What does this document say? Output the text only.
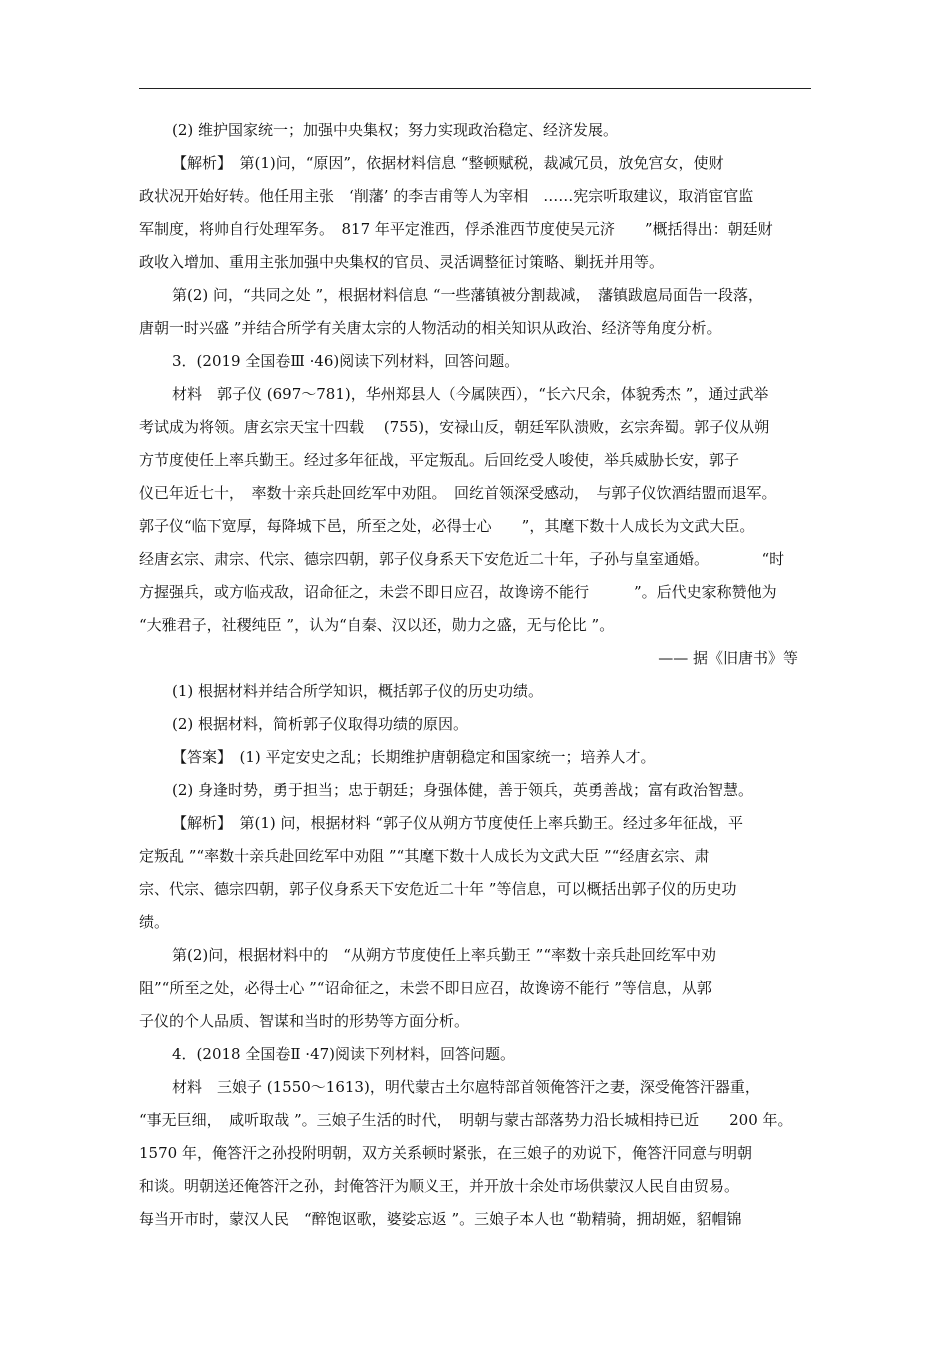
(2) 维护国家统一；加强中央集权；努力实现政治稳定、经济发展。
【解析】　第(1)问，“原因”，依据材料信息 “整顿赋税，裁减冗员，放免宫女，使财
政状况开始好转。他任用主张　‘削藩’ 的李吉甫等人为宰相　……宪宗听取建议，取消宦官监
军制度，将帅自行处理军务。　817 年平定淮西，俘杀淮西节度使吴元济　　”概括得出：朝廷财
政收入增加、重用主张加强中央集权的官员、灵活调整征讨策略、剿抚并用等。
第(2) 问，“共同之处 ”，根据材料信息 “一些藩镇被分割裁减，　藩镇跋扈局面告一段落，
唐朝一时兴盛 ”并结合所学有关唐太宗的人物活动的相关知识从政治、经济等角度分析。
3．(2019 全国卷Ⅲ ·46)阅读下列材料，回答问题。
材料　郭子仪 (697～781)，华州郑县人（今属陕西），“长六尺余，体貌秀杰 ”，通过武举
考试成为将领。唐玄宗天宝十四载　 (755)，安禄山反，朝廷军队溃败，玄宗奔蜀。郭子仪从朔
方节度使任上率兵勤王。经过多年征战，平定叛乱。后回纥受人唆使，举兵威胁长安，郭子
仪已年近七十，　率数十亲兵赴回纥军中劝阻。　回纥首领深受感动，　与郭子仪饮酒结盟而退军。
郭子仪“临下宽厚，每降城下邑，所至之处，必得士心　　”，其麾下数十人成长为文武大臣。
经唐玄宗、肃宗、代宗、德宗四朝，郭子仪身系天下安危近二十年，子孙与皇室通婚。　　　　“时
方握强兵，或方临戎敌，诏命征之，未尝不即日应召，故谗谤不能行　　　”。后代史家称赞他为
“大雅君子，社稷纯臣 ”，认为“自秦、汉以还，勋力之盛，无与伦比 ”。
—— 据《旧唐书》等
(1) 根据材料并结合所学知识，概括郭子仪的历史功绩。
(2) 根据材料，简析郭子仪取得功绩的原因。
【答案】　(1) 平定安史之乱；长期维护唐朝稳定和国家统一；培养人才。
(2) 身逢时势，勇于担当；忠于朝廷；身强体健，善于领兵，英勇善战；富有政治智慧。
【解析】　第(1) 问，根据材料 “郭子仪从朔方节度使任上率兵勤王。经过多年征战，平
定叛乱 ”“率数十亲兵赴回纥军中劝阻 ”“其麾下数十人成长为文武大臣 ”“经唐玄宗、肃
宗、代宗、德宗四朝，郭子仪身系天下安危近二十年 ”等信息，可以概括出郭子仪的历史功
绩。
第(2)问，根据材料中的　“从朔方节度使任上率兵勤王 ”“率数十亲兵赴回纥军中劝
阻”“所至之处，必得士心 ”“诏命征之，未尝不即日应召，故谗谤不能行 ”等信息，从郭
子仪的个人品质、智谋和当时的形势等方面分析。
4．(2018 全国卷Ⅱ ·47)阅读下列材料，回答问题。
材料　三娘子 (1550～1613)，明代蒙古土尔扈特部首领俺答汗之妻，深受俺答汗器重，
“事无巨细，　咸听取哉 ”。三娘子生活的时代，　明朝与蒙古部落势力沿长城相持已近　　200 年。
1570 年，俺答汗之孙投附明朝，双方关系顿时紧张，在三娘子的劝说下，俺答汗同意与明朝
和谈。明朝送还俺答汗之孙，封俺答汗为顺义王，并开放十余处市场供蒙汉人民自由贸易。
每当开市时，蒙汉人民　“醉饱讴歌，婆娑忘返 ”。三娘子本人也 “勒精骑，拥胡姬，貂帽锦
